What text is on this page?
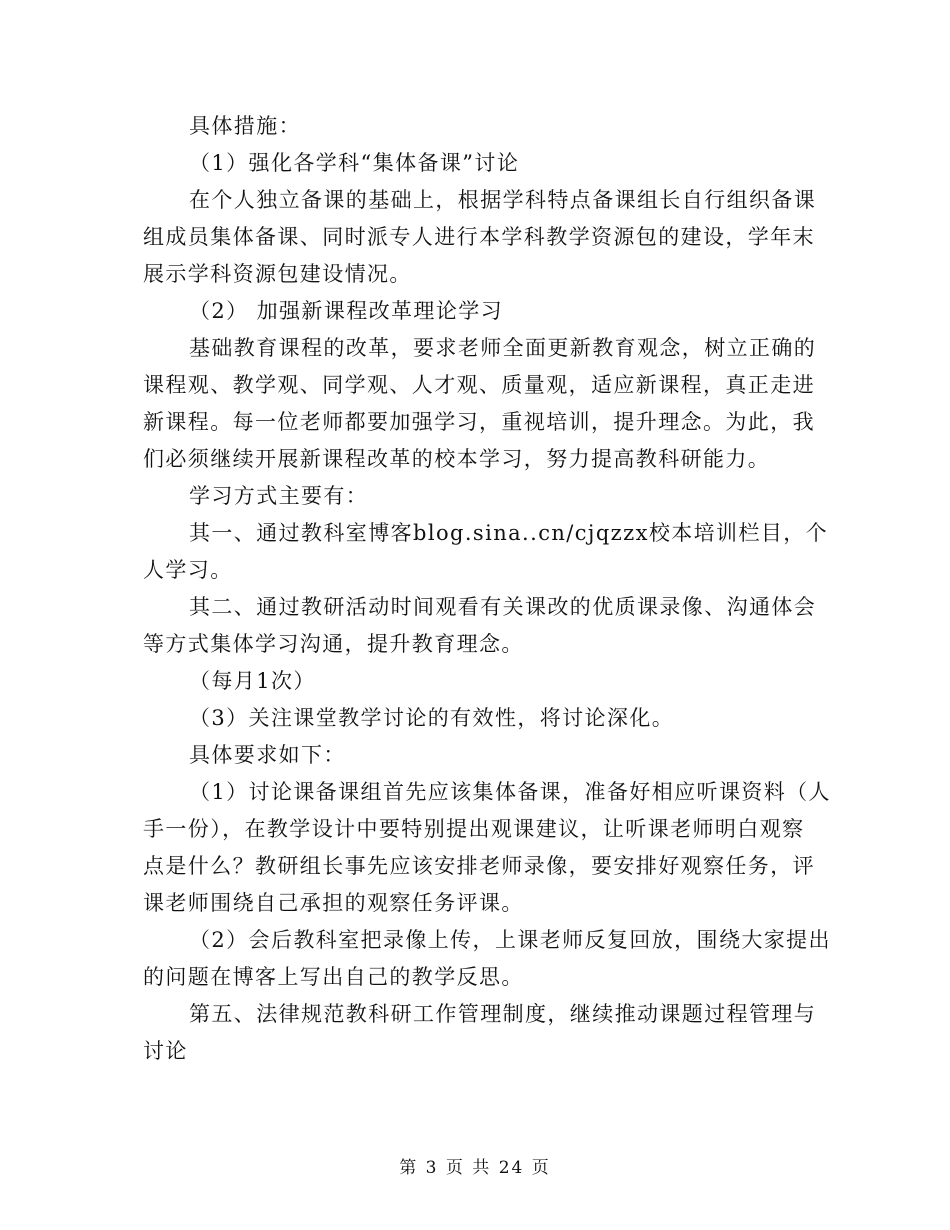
具体措施：
（1）强化各学科“集体备课”讨论
在个人独立备课的基础上，根据学科特点备课组长自行组织备课
组成员集体备课、同时派专人进行本学科教学资源包的建设，学年末
展示学科资源包建设情况。
（2） 加强新课程改革理论学习
基础教育课程的改革，要求老师全面更新教育观念，树立正确的
课程观、教学观、同学观、人才观、质量观，适应新课程，真正走进
新课程。每一位老师都要加强学习，重视培训，提升理念。为此，我
们必须继续开展新课程改革的校本学习，努力提高教科研能力。
学习方式主要有：
其一、通过教科室博客blog.sina..cn/cjqzzx校本培训栏目，个
人学习。
其二、通过教研活动时间观看有关课改的优质课录像、沟通体会
等方式集体学习沟通，提升教育理念。
（每月1次）
（3）关注课堂教学讨论的有效性，将讨论深化。
具体要求如下：
（1）讨论课备课组首先应该集体备课，准备好相应听课资料（人
手一份），在教学设计中要特别提出观课建议，让听课老师明白观察
点是什么？教研组长事先应该安排老师录像，要安排好观察任务，评
课老师围绕自己承担的观察任务评课。
（2）会后教科室把录像上传，上课老师反复回放，围绕大家提出
的问题在博客上写出自己的教学反思。
第五、法律规范教科研工作管理制度，继续推动课题过程管理与
讨论
第 3 页 共 24 页
